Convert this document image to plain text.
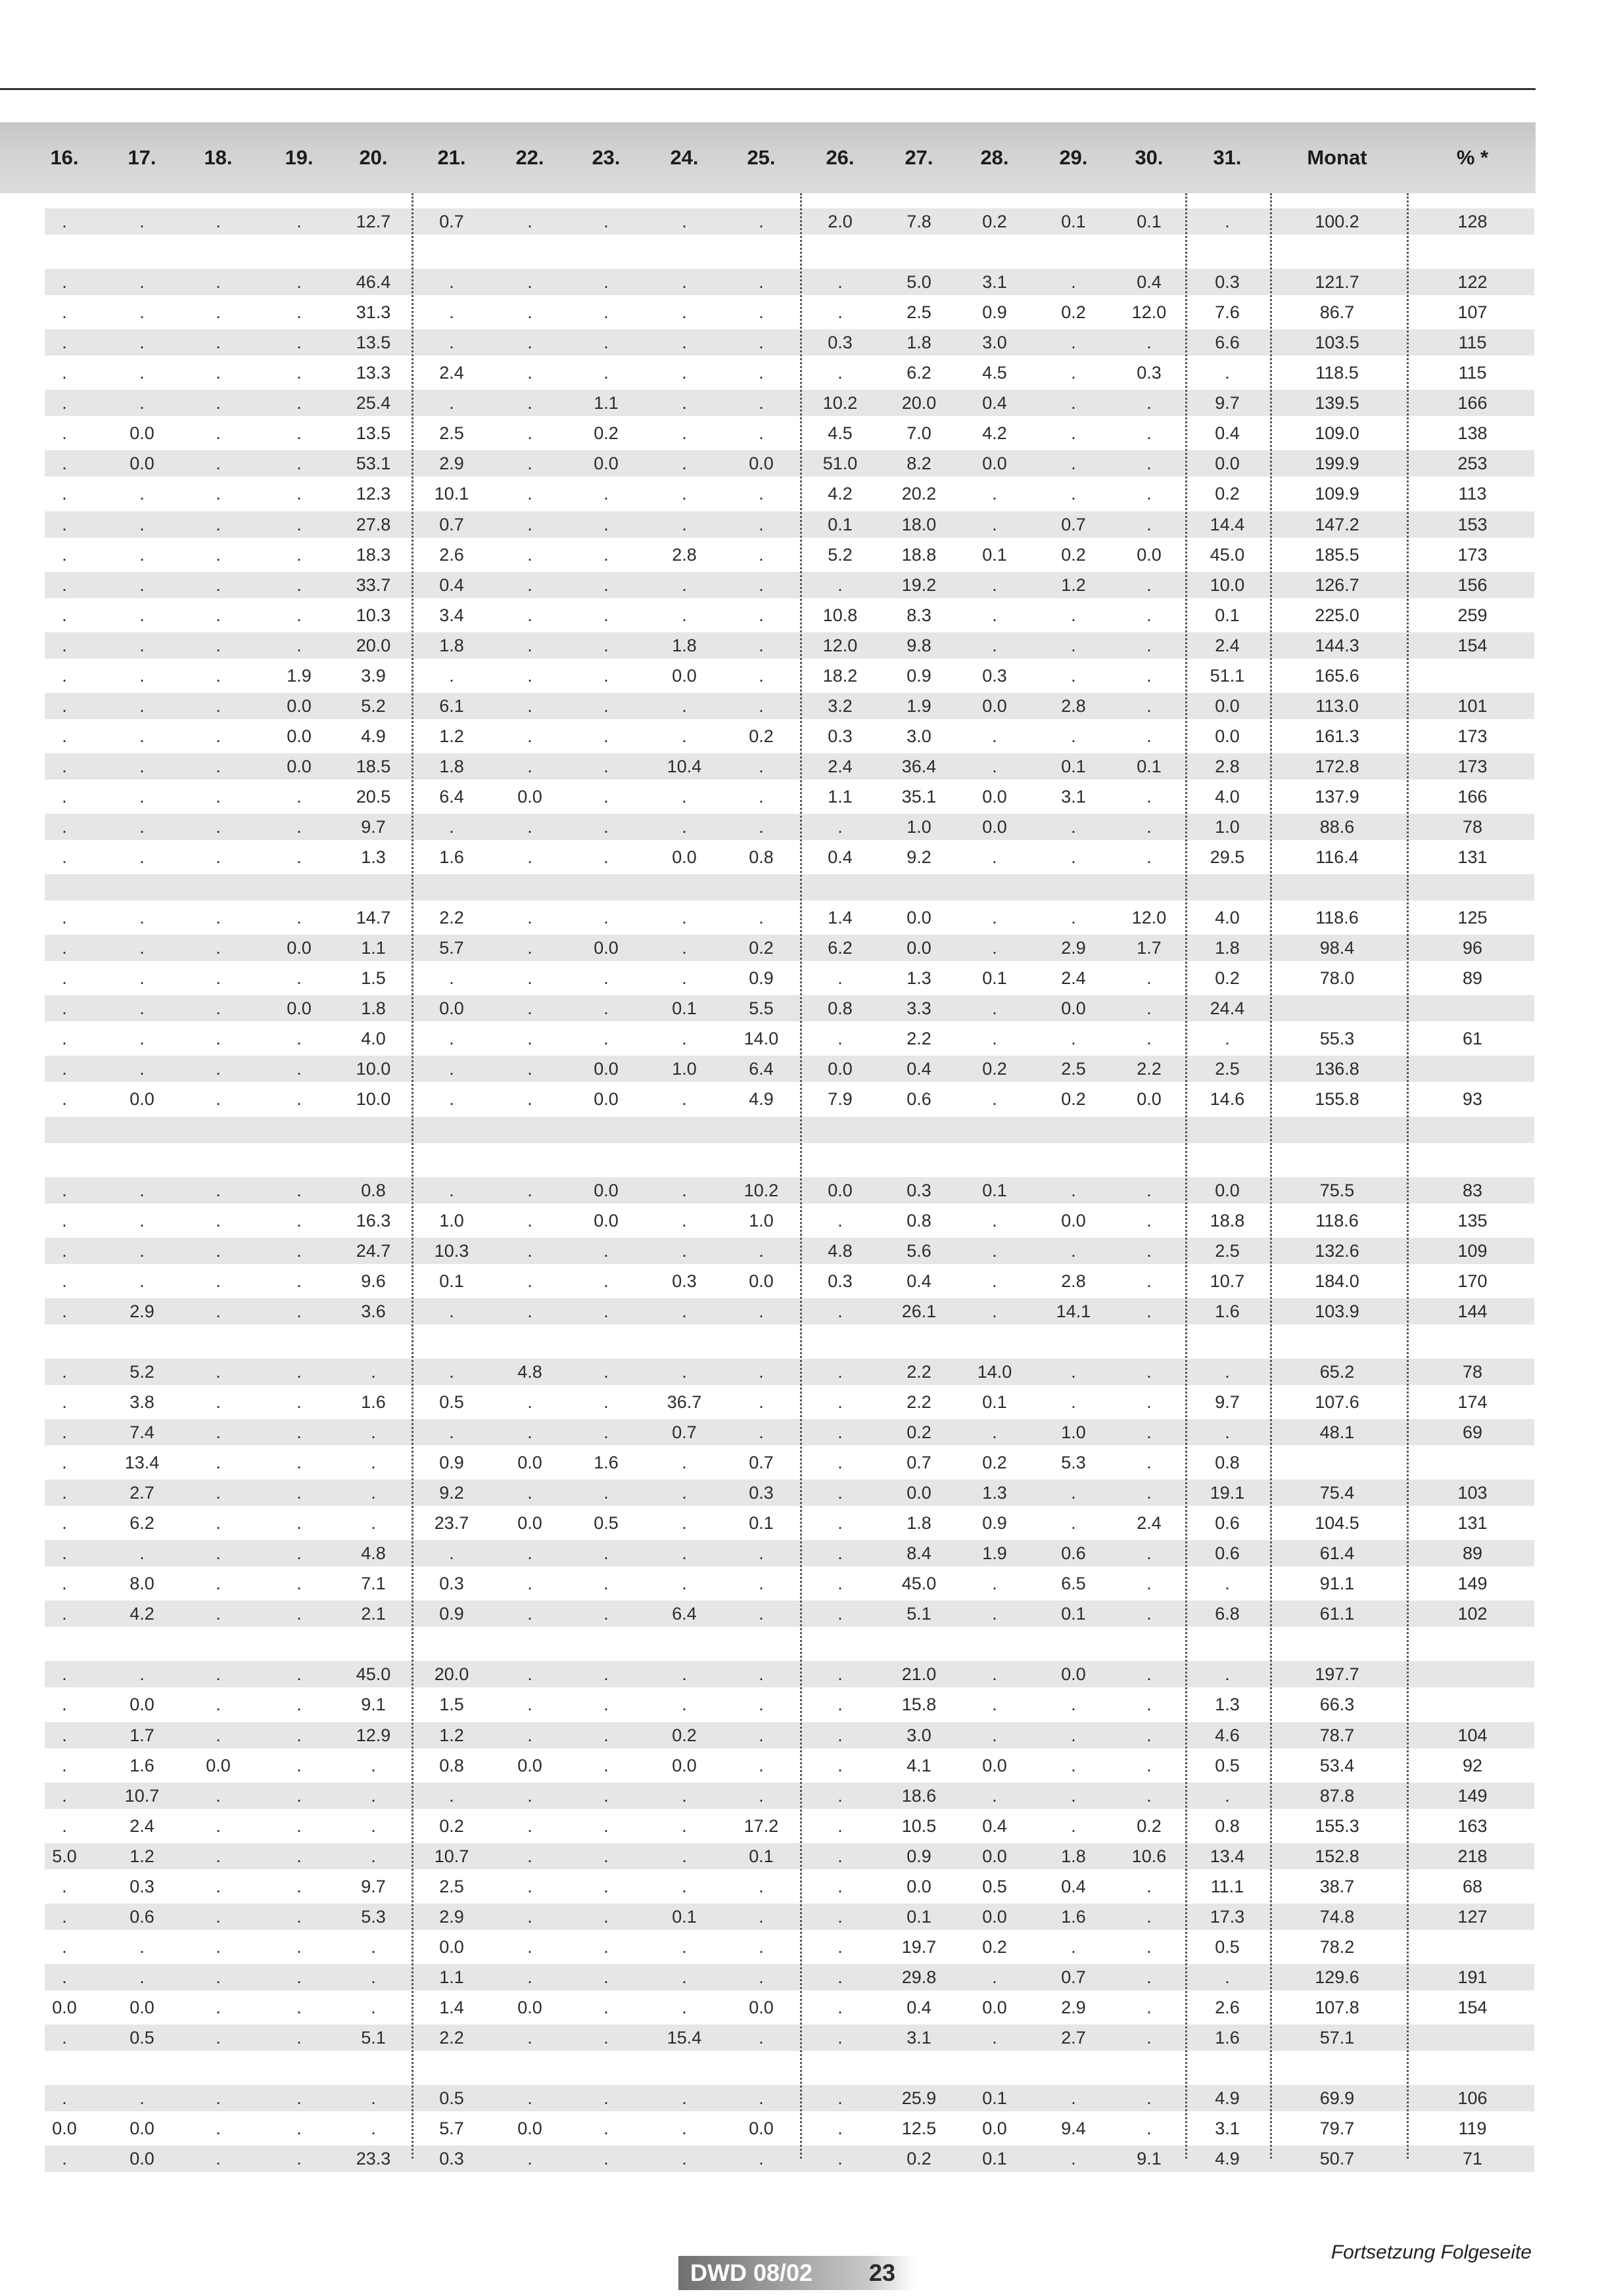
16.	17.	18.	19.	20.	21.	22.	23.	24.	25.	26.	27.	28.	29.	30.	31.	Monat	% *
.	.	.	.	12.7	0.7	.	.	.	.	2.0	7.8	0.2	0.1	0.1	.	100.2	128
.	.	.	.	46.4	.	.	.	.	.	.	5.0	3.1	.	0.4	0.3	121.7	122
.	.	.	.	31.3	.	.	.	.	.	.	2.5	0.9	0.2	12.0	7.6	86.7	107
.	.	.	.	13.5	.	.	.	.	.	0.3	1.8	3.0	.	.	6.6	103.5	115
.	.	.	.	13.3	2.4	.	.	.	.	.	6.2	4.5	.	0.3	.	118.5	115
.	.	.	.	25.4	.	.	1.1	.	.	10.2	20.0	0.4	.	.	9.7	139.5	166
.	0.0	.	.	13.5	2.5	.	0.2	.	.	4.5	7.0	4.2	.	.	0.4	109.0	138
.	0.0	.	.	53.1	2.9	.	0.0	.	0.0	51.0	8.2	0.0	.	.	0.0	199.9	253
.	.	.	.	12.3	10.1	.	.	.	.	4.2	20.2	.	.	.	0.2	109.9	113
.	.	.	.	27.8	0.7	.	.	.	.	0.1	18.0	.	0.7	.	14.4	147.2	153
.	.	.	.	18.3	2.6	.	.	2.8	.	5.2	18.8	0.1	0.2	0.0	45.0	185.5	173
.	.	.	.	33.7	0.4	.	.	.	.	.	19.2	.	1.2	.	10.0	126.7	156
.	.	.	.	10.3	3.4	.	.	.	.	10.8	8.3	.	.	.	0.1	225.0	259
.	.	.	.	20.0	1.8	.	.	1.8	.	12.0	9.8	.	.	.	2.4	144.3	154
.	.	.	1.9	3.9	.	.	.	0.0	.	18.2	0.9	0.3	.	.	51.1	165.6
.	.	.	0.0	5.2	6.1	.	.	.	.	3.2	1.9	0.0	2.8	.	0.0	113.0	101
.	.	.	0.0	4.9	1.2	.	.	.	0.2	0.3	3.0	.	.	.	0.0	161.3	173
.	.	.	0.0	18.5	1.8	.	.	10.4	.	2.4	36.4	.	0.1	0.1	2.8	172.8	173
.	.	.	.	20.5	6.4	0.0	.	.	.	1.1	35.1	0.0	3.1	.	4.0	137.9	166
.	.	.	.	9.7	.	.	.	.	.	.	1.0	0.0	.	.	1.0	88.6	78
.	.	.	.	1.3	1.6	.	.	0.0	0.8	0.4	9.2	.	.	.	29.5	116.4	131
.	.	.	.	14.7	2.2	.	.	.	.	1.4	0.0	.	.	12.0	4.0	118.6	125
.	.	.	0.0	1.1	5.7	.	0.0	.	0.2	6.2	0.0	.	2.9	1.7	1.8	98.4	96
.	.	.	.	1.5	.	.	.	.	0.9	.	1.3	0.1	2.4	.	0.2	78.0	89
.	.	.	0.0	1.8	0.0	.	.	0.1	5.5	0.8	3.3	.	0.0	.	24.4
.	.	.	.	4.0	.	.	.	.	14.0	.	2.2	.	.	.	.	55.3	61
.	.	.	.	10.0	.	.	0.0	1.0	6.4	0.0	0.4	0.2	2.5	2.2	2.5	136.8
.	0.0	.	.	10.0	.	.	0.0	.	4.9	7.9	0.6	.	0.2	0.0	14.6	155.8	93
.	.	.	.	0.8	.	.	0.0	.	10.2	0.0	0.3	0.1	.	.	0.0	75.5	83
.	.	.	.	16.3	1.0	.	0.0	.	1.0	.	0.8	.	0.0	.	18.8	118.6	135
.	.	.	.	24.7	10.3	.	.	.	.	4.8	5.6	.	.	.	2.5	132.6	109
.	.	.	.	9.6	0.1	.	.	0.3	0.0	0.3	0.4	.	2.8	.	10.7	184.0	170
.	2.9	.	.	3.6	.	.	.	.	.	.	26.1	.	14.1	.	1.6	103.9	144
.	5.2	.	.	.	.	4.8	.	.	.	.	2.2	14.0	.	.	.	65.2	78
.	3.8	.	.	1.6	0.5	.	.	36.7	.	.	2.2	0.1	.	.	9.7	107.6	174
.	7.4	.	.	.	.	.	.	0.7	.	.	0.2	.	1.0	.	.	48.1	69
.	13.4	.	.	.	0.9	0.0	1.6	.	0.7	.	0.7	0.2	5.3	.	0.8
.	2.7	.	.	.	9.2	.	.	.	0.3	.	0.0	1.3	.	.	19.1	75.4	103
.	6.2	.	.	.	23.7	0.0	0.5	.	0.1	.	1.8	0.9	.	2.4	0.6	104.5	131
.	.	.	.	4.8	.	.	.	.	.	.	8.4	1.9	0.6	.	0.6	61.4	89
.	8.0	.	.	7.1	0.3	.	.	.	.	.	45.0	.	6.5	.	.	91.1	149
.	4.2	.	.	2.1	0.9	.	.	6.4	.	.	5.1	.	0.1	.	6.8	61.1	102
.	.	.	.	45.0	20.0	.	.	.	.	.	21.0	.	0.0	.	.	197.7
.	0.0	.	.	9.1	1.5	.	.	.	.	.	15.8	.	.	.	1.3	66.3
.	1.7	.	.	12.9	1.2	.	.	0.2	.	.	3.0	.	.	.	4.6	78.7	104
.	1.6	0.0	.	.	0.8	0.0	.	0.0	.	.	4.1	0.0	.	.	0.5	53.4	92
.	10.7	.	.	.	.	.	.	.	.	.	18.6	.	.	.	.	87.8	149
.	2.4	.	.	.	0.2	.	.	.	17.2	.	10.5	0.4	.	0.2	0.8	155.3	163
5.0	1.2	.	.	.	10.7	.	.	.	0.1	.	0.9	0.0	1.8	10.6	13.4	152.8	218
.	0.3	.	.	9.7	2.5	.	.	.	.	.	0.0	0.5	0.4	.	11.1	38.7	68
.	0.6	.	.	5.3	2.9	.	.	0.1	.	.	0.1	0.0	1.6	.	17.3	74.8	127
.	.	.	.	.	0.0	.	.	.	.	.	19.7	0.2	.	.	0.5	78.2
.	.	.	.	.	1.1	.	.	.	.	.	29.8	.	0.7	.	.	129.6	191
0.0	0.0	.	.	.	1.4	0.0	.	.	0.0	.	0.4	0.0	2.9	.	2.6	107.8	154
.	0.5	.	.	5.1	2.2	.	.	15.4	.	.	3.1	.	2.7	.	1.6	57.1
.	.	.	.	.	0.5	.	.	.	.	.	25.9	0.1	.	.	4.9	69.9	106
0.0	0.0	.	.	.	5.7	0.0	.	.	0.0	.	12.5	0.0	9.4	.	3.1	79.7	119
.	0.0	.	.	23.3	0.3	.	.	.	.	.	0.2	0.1	.	9.1	4.9	50.7	71
DWD 08/02 23
Fortsetzung Folgeseite
